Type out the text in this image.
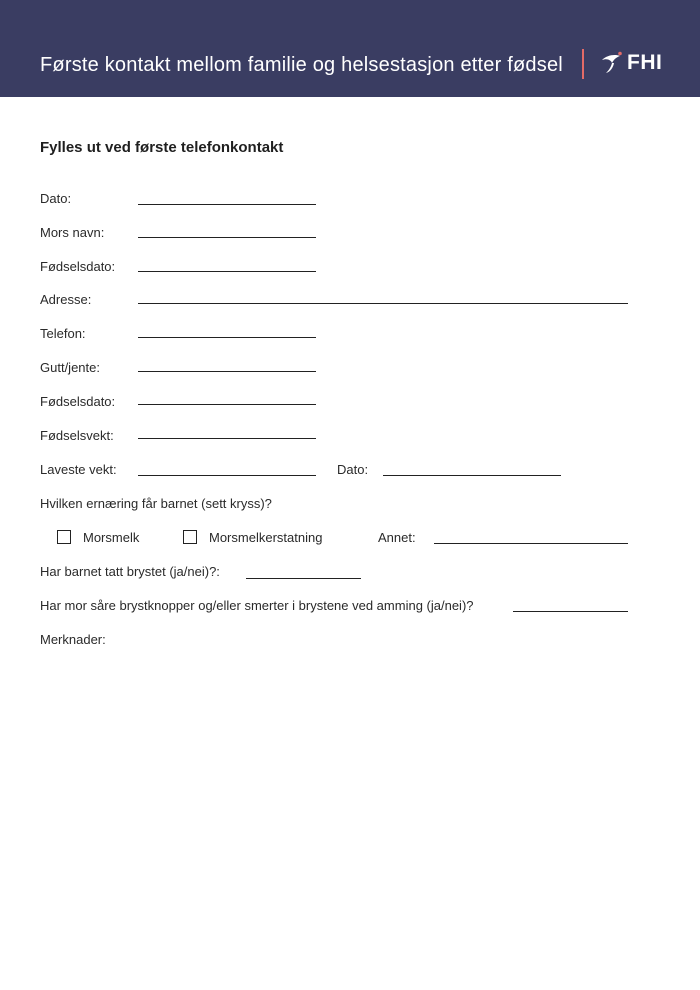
Første kontakt mellom familie og helsestasjon etter fødsel	FHI
Fylles ut ved første telefonkontakt
Dato:
Mors navn:
Fødselsdato:
Adresse:
Telefon:
Gutt/jente:
Fødselsdato:
Fødselsvekt:
Laveste vekt:	Dato:
Hvilken ernæring får barnet (sett kryss)?
Morsmelk	Morsmelkerstatning	Annet:
Har barnet tatt brystet (ja/nei)?:
Har mor såre brystknopper og/eller smerter i brystene ved amming (ja/nei)?
Merknader:
